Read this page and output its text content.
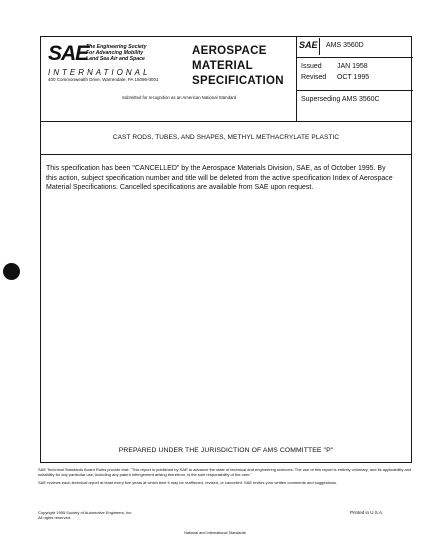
SAE
The Engineering Society
For Advancing Mobility
Land Sea Air and Space
INTERNATIONAL
400 Commonwealth Drive, Warrendale, PA 15096-0001
AEROSPACE
MATERIAL
SPECIFICATION
Submitted for recognition as an American National Standard
SAE	AMS 3560D
Issued JAN 1958
Revised OCT 1995
Superseding AMS 3560C
CAST RODS, TUBES, AND SHAPES, METHYL METHACRYLATE PLASTIC
This specification has been "CANCELLED" by the Aerospace Materials Division, SAE, as of October 1995. By this action, subject specification number and title will be deleted from the active specification Index of Aerospace Material Specifications. Cancelled specifications are available from SAE upon request.
PREPARED UNDER THE JURISDICTION OF AMS COMMITTEE "P"

SAE Technical Standards Board Rules provide that: "This report is published by SAE to advance the state of technical and engineering sciences. The use of this report is entirely voluntary, and its applicability and suitability for any particular use, including any patent infringement arising therefrom, is the sole responsibility of the user."

SAE reviews each technical report at least every five years at which time it may be reaffirmed, revised, or cancelled. SAE invites your written comments and suggestions.

Copyright 1995 Society of Automotive Engineers, Inc.
All rights reserved.
Printed in U.S.A.
National and International Standards
